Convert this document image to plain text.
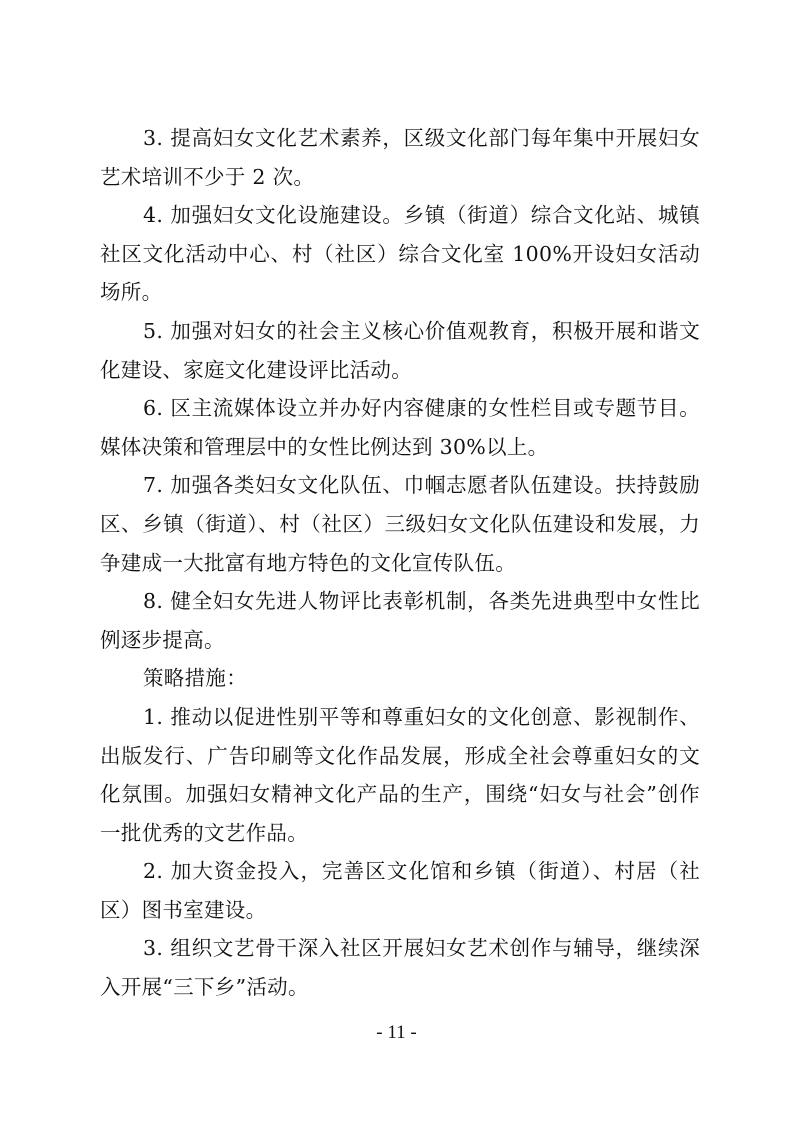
3. 提高妇女文化艺术素养，区级文化部门每年集中开展妇女艺术培训不少于 2 次。

4. 加强妇女文化设施建设。乡镇（街道）综合文化站、城镇社区文化活动中心、村（社区）综合文化室 100%开设妇女活动场所。

5. 加强对妇女的社会主义核心价值观教育，积极开展和谐文化建设、家庭文化建设评比活动。

6. 区主流媒体设立并办好内容健康的女性栏目或专题节目。媒体决策和管理层中的女性比例达到 30%以上。

7. 加强各类妇女文化队伍、巾帼志愿者队伍建设。扶持鼓励区、乡镇（街道）、村（社区）三级妇女文化队伍建设和发展，力争建成一大批富有地方特色的文化宣传队伍。

8. 健全妇女先进人物评比表彰机制，各类先进典型中女性比例逐步提高。

策略措施：

1. 推动以促进性别平等和尊重妇女的文化创意、影视制作、出版发行、广告印刷等文化作品发展，形成全社会尊重妇女的文化氛围。加强妇女精神文化产品的生产，围绕“妇女与社会”创作一批优秀的文艺作品。

2. 加大资金投入，完善区文化馆和乡镇（街道）、村居（社区）图书室建设。

3. 组织文艺骨干深入社区开展妇女艺术创作与辅导，继续深入开展“三下乡”活动。

- 11 -
